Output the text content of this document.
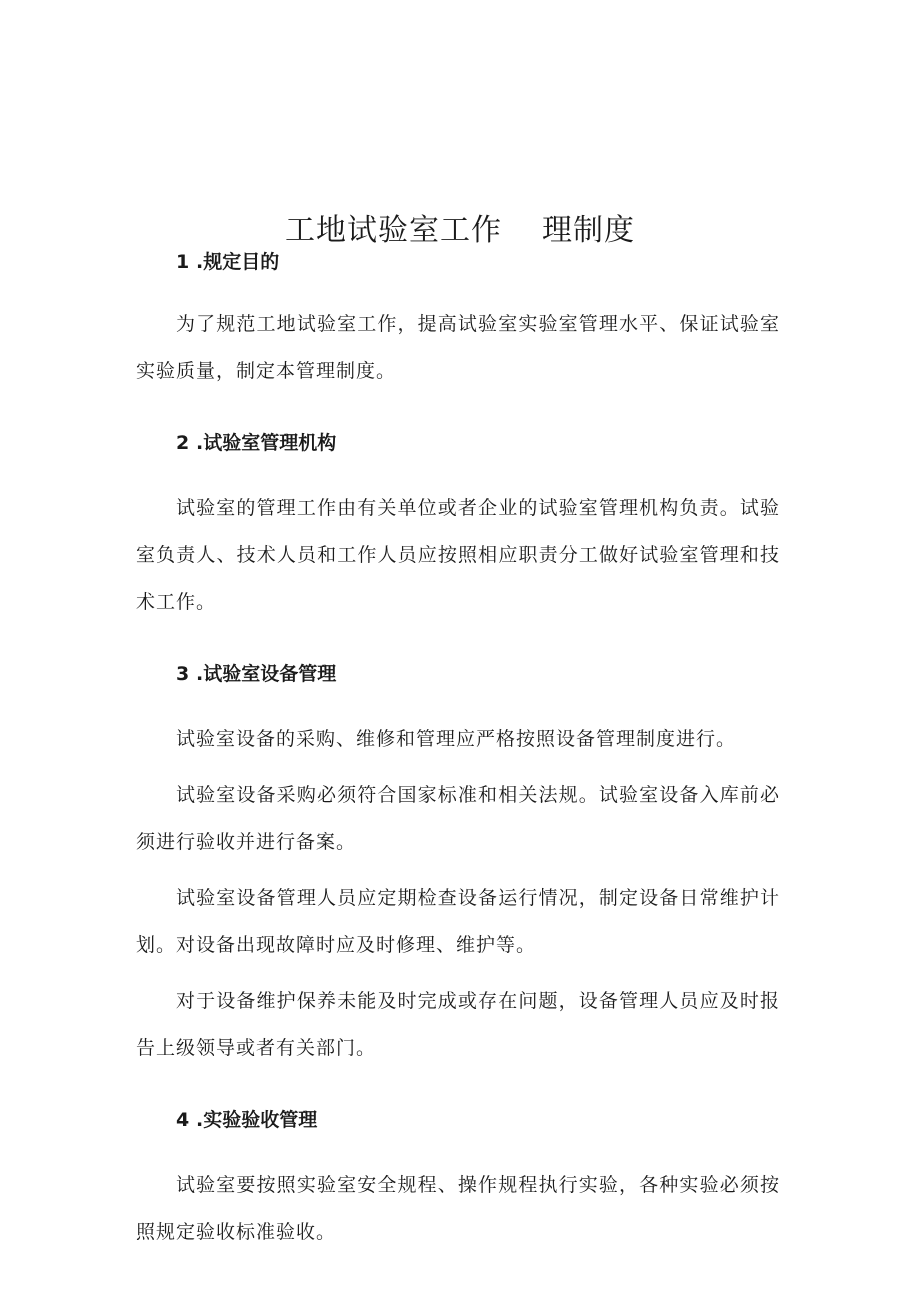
工地试验室工作 理制度
1 .规定目的

为了规范工地试验室工作，提高试验室实验室管理水平、保证试验室实验质量，制定本管理制度。

2 .试验室管理机构

试验室的管理工作由有关单位或者企业的试验室管理机构负责。试验室负责人、技术人员和工作人员应按照相应职责分工做好试验室管理和技术工作。

3 .试验室设备管理

试验室设备的采购、维修和管理应严格按照设备管理制度进行。

试验室设备采购必须符合国家标准和相关法规。试验室设备入库前必须进行验收并进行备案。

试验室设备管理人员应定期检查设备运行情况，制定设备日常维护计划。对设备出现故障时应及时修理、维护等。

对于设备维护保养未能及时完成或存在问题，设备管理人员应及时报告上级领导或者有关部门。

4 .实验验收管理

试验室要按照实验室安全规程、操作规程执行实验，各种实验必须按照规定验收标准验收。
